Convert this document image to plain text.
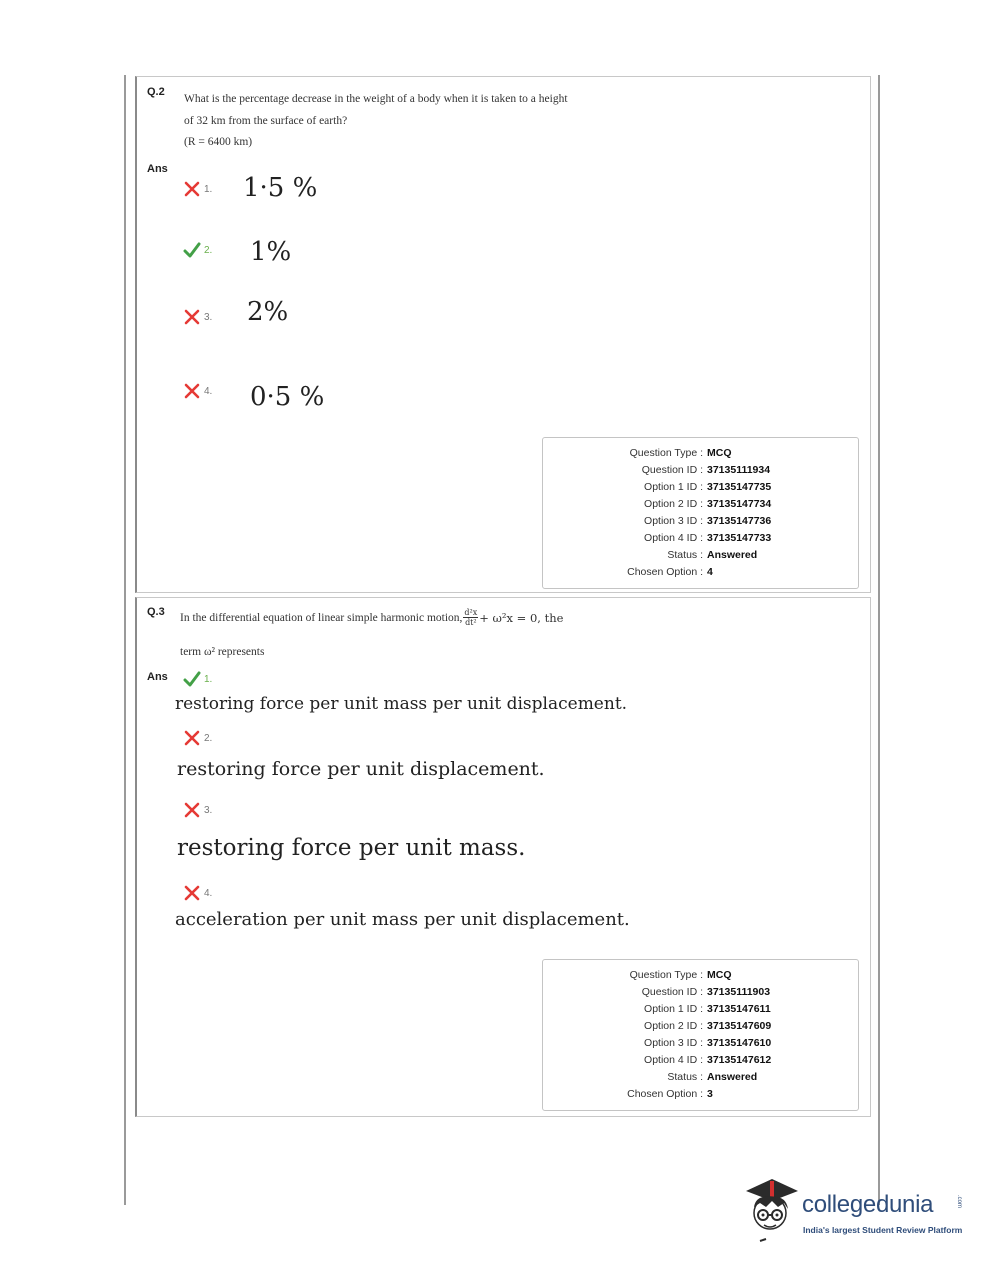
Q.2
What is the percentage decrease in the weight of a body when it is taken to a height
of 32 km from the surface of earth?
(R = 6400 km)
Ans
1. 1·5 %
2. 1%
3. 2%
4. 0·5 %
Question Type : MCQ
Question ID : 37135111934
Option 1 ID : 37135147735
Option 2 ID : 37135147734
Option 3 ID : 37135147736
Option 4 ID : 37135147733
Status : Answered
Chosen Option : 4
Q.3 In the differential equation of linear simple harmonic motion, $\frac{\text{d²x}}{\text{dt²}} + \omega^2x = 0$, the
term ω² represents
Ans	1.
restoring force per unit mass per unit displacement.
2.
restoring force per unit displacement.
3.
restoring force per unit mass.
4.
acceleration per unit mass per unit displacement.
Question Type : MCQ
Question ID : 37135111903
Option 1 ID : 37135147611
Option 2 ID : 37135147609
Option 3 ID : 37135147610
Option 4 ID : 37135147612
Status : Answered
Chosen Option : 3
collegedunia	.com
India's largest Student Review Platform
